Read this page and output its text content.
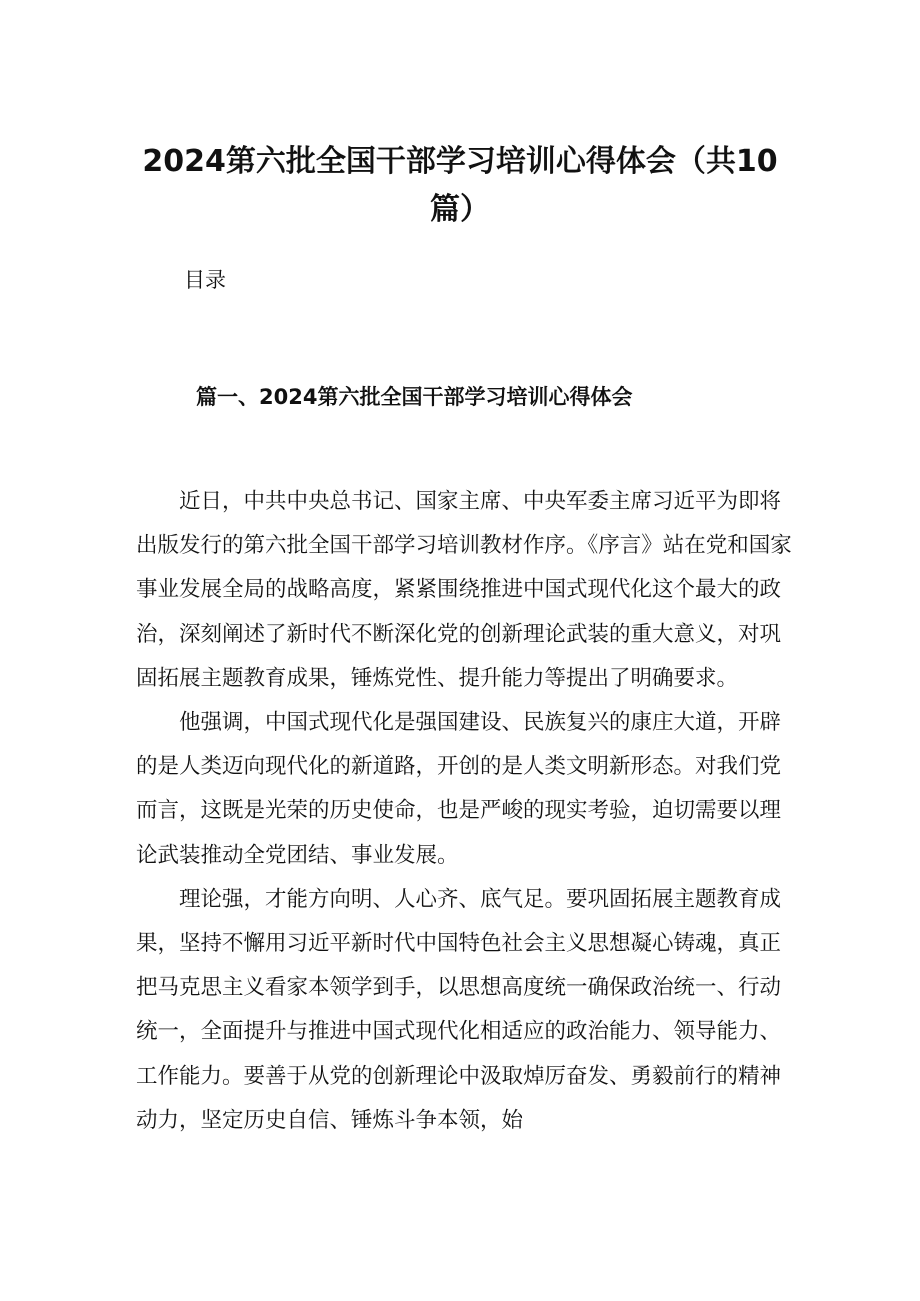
2024第六批全国干部学习培训心得体会（共10篇）
目录
篇一、2024第六批全国干部学习培训心得体会

近日，中共中央总书记、国家主席、中央军委主席习近平为即将出版发行的第六批全国干部学习培训教材作序。《序言》站在党和国家事业发展全局的战略高度，紧紧围绕推进中国式现代化这个最大的政治，深刻阐述了新时代不断深化党的创新理论武装的重大意义，对巩固拓展主题教育成果，锤炼党性、提升能力等提出了明确要求。

他强调，中国式现代化是强国建设、民族复兴的康庄大道，开辟的是人类迈向现代化的新道路，开创的是人类文明新形态。对我们党而言，这既是光荣的历史使命，也是严峻的现实考验，迫切需要以理论武装推动全党团结、事业发展。

理论强，才能方向明、人心齐、底气足。要巩固拓展主题教育成果，坚持不懈用习近平新时代中国特色社会主义思想凝心铸魂，真正把马克思主义看家本领学到手，以思想高度统一确保政治统一、行动统一，全面提升与推进中国式现代化相适应的政治能力、领导能力、工作能力。要善于从党的创新理论中汲取焯厉奋发、勇毅前行的精神动力，坚定历史自信、锤炼斗争本领，始
